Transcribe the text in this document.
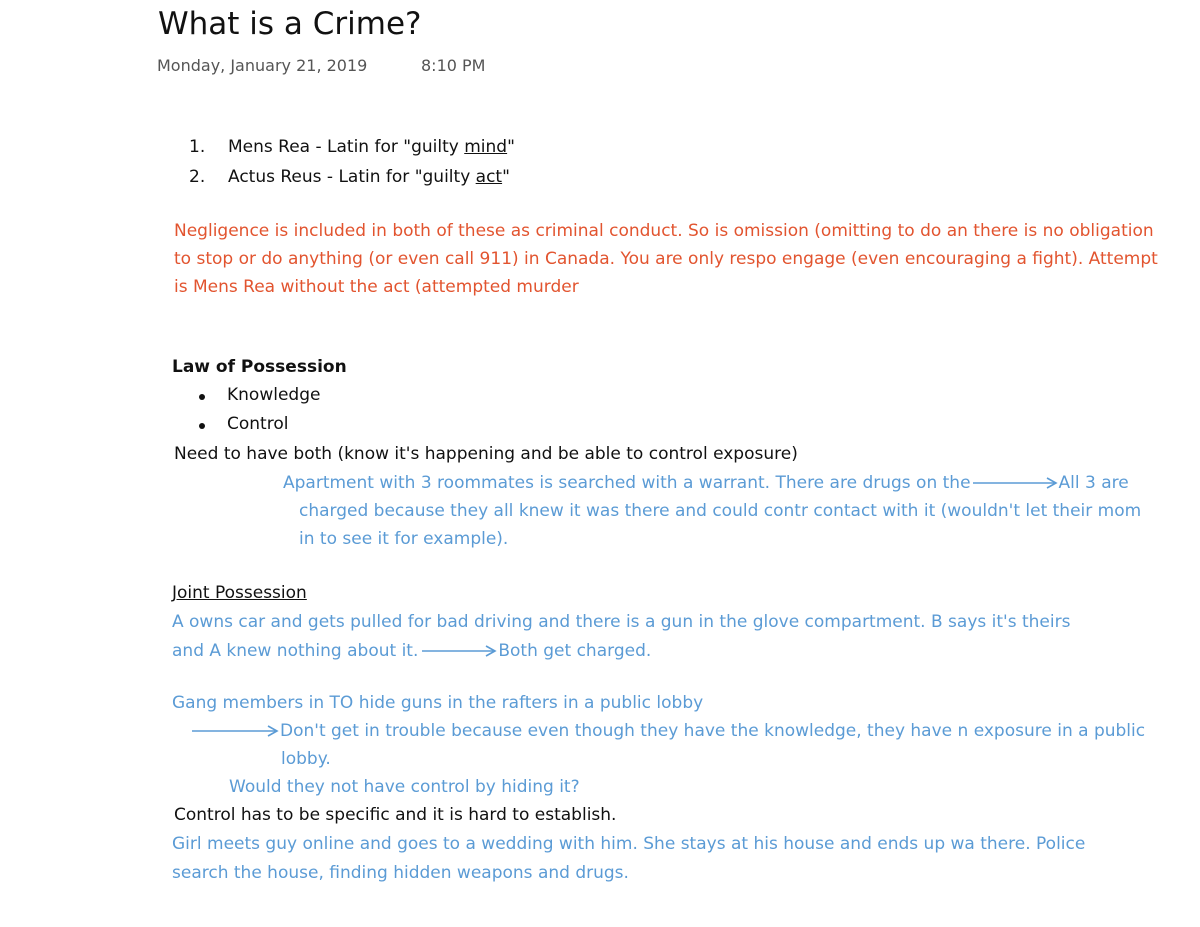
What is a Crime?
Monday, January 21, 2019	8:10 PM
1. Mens Rea - Latin for "guilty mind"
2. Actus Reus - Latin for "guilty act"
Negligence is included in both of these as criminal conduct. So is omission (omitting to do an there is no obligation
to stop or do anything (or even call 911) in Canada. You are only respo engage (even encouraging a fight). Attempt
is Mens Rea without the act (attempted murder
Law of Possession
Knowledge
Control
Need to have both (know it's happening and be able to control exposure)
Apartment with 3 roommates is searched with a warrant. There are drugs on the	All 3 are
charged because they all knew it was there and could contr contact with it (wouldn't let their mom
in to see it for example).
Joint Possession
A owns car and gets pulled for bad driving and there is a gun in the glove compartment. B says it's theirs
and A knew nothing about it.	Both get charged.
Gang members in TO hide guns in the rafters in a public lobby
Don't get in trouble because even though they have the knowledge, they have n exposure in a public
lobby.
Would they not have control by hiding it?
Control has to be specific and it is hard to establish.
Girl meets guy online and goes to a wedding with him. She stays at his house and ends up wa there. Police
search the house, finding hidden weapons and drugs.
